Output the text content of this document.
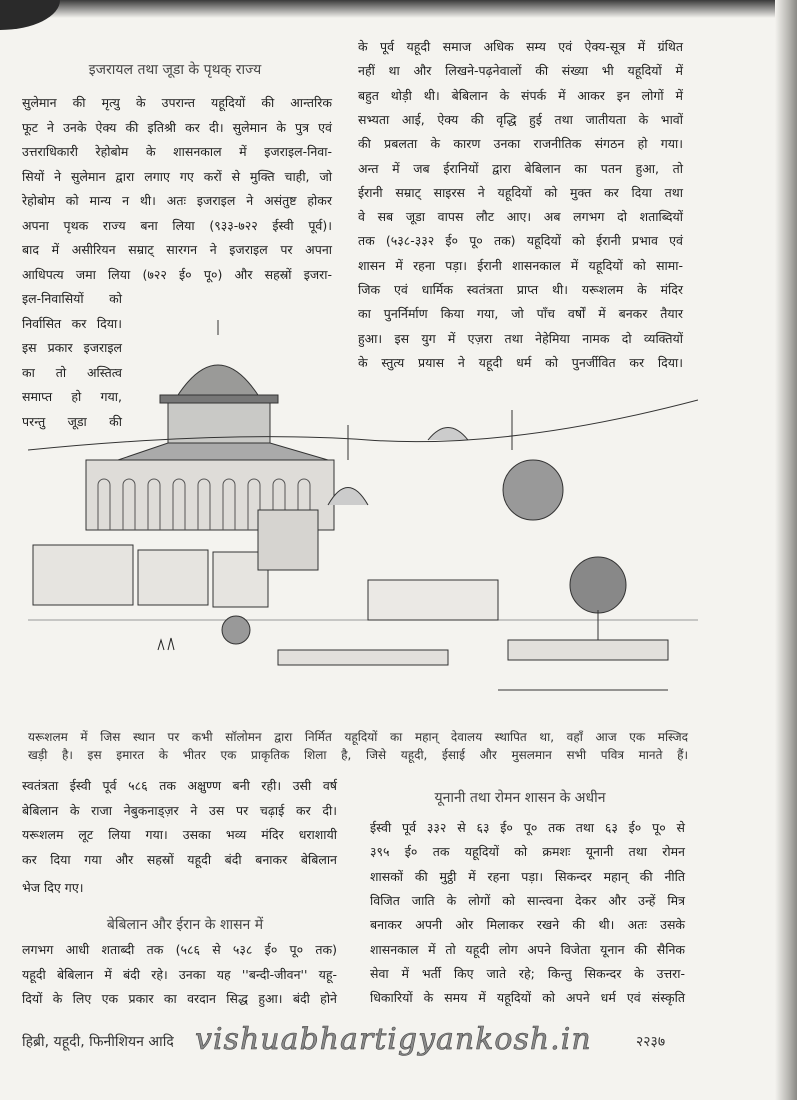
इजरायल तथा जूडा के पृथक् राज्य
सुलेमान की मृत्यु के उपरान्त यहूदियों की आन्तरिक
फूट ने उनके ऐक्य की इतिश्री कर दी। सुलेमान के पुत्र एवं
उत्तराधिकारी रेहोबोम के शासनकाल में इजराइल-निवा-
सियों ने सुलेमान द्वारा लगाए गए करों से मुक्ति चाही, जो
रेहोबोम को मान्य न थी। अतः इजराइल ने असंतुष्ट होकर
अपना पृथक राज्य बना लिया (९३३-७२२ ईस्वी पूर्व)।
बाद में असीरियन सम्राट् सारगन ने इजराइल पर अपना
आधिपत्य जमा लिया (७२२ ई० पू०) और सहस्रों इजरा-
इल-निवासियों को
निर्वासित कर दिया।
इस प्रकार इजराइल
का तो अस्तित्व
समाप्त हो गया,
परन्तु जूडा की
के पूर्व यहूदी समाज अधिक सम्य एवं ऐक्य-सूत्र में ग्रंथित
नहीं था और लिखने-पढ़नेवालों की संख्या भी यहूदियों में
बहुत थोड़ी थी। बेबिलान के संपर्क में आकर इन लोगों में
सभ्यता आई, ऐक्य की वृद्धि हुई तथा जातीयता के भावों
की प्रबलता के कारण उनका राजनीतिक संगठन हो गया।
अन्त में जब ईरानियों द्वारा बेबिलान का पतन हुआ, तो
ईरानी सम्राट् साइरस ने यहूदियों को मुक्त कर दिया तथा
वे सब जूडा वापस लौट आए। अब लगभग दो शताब्दियों
तक (५३८-३३२ ई० पू० तक) यहूदियों को ईरानी प्रभाव एवं
शासन में रहना पड़ा। ईरानी शासनकाल में यहूदियों को सामा-
जिक एवं धार्मिक स्वतंत्रता प्राप्त थी। यरूशलम के मंदिर
का पुनर्निर्माण किया गया, जो पाँच वर्षों में बनकर तैयार
हुआ। इस युग में एज़रा तथा नेहेमिया नामक दो व्यक्तियों
के स्तुत्य प्रयास ने यहूदी धर्म को पुनर्जीवित कर दिया।
यरूशलम में जिस स्थान पर कभी सॉलोमन द्वारा निर्मित यहूदियों का महान् देवालय स्थापित था, वहाँ आज एक मस्जिद
खड़ी है। इस इमारत के भीतर एक प्राकृतिक शिला है, जिसे यहूदी, ईसाई और मुसलमान सभी पवित्र मानते हैं।
स्वतंत्रता ईस्वी पूर्व ५८६ तक अक्षुण्ण बनी रही। उसी वर्ष
बेबिलान के राजा नेबुकनाड्ज़र ने उस पर चढ़ाई कर दी।
यरूशलम लूट लिया गया। उसका भव्य मंदिर धराशायी
कर दिया गया और सहस्रों यहूदी बंदी बनाकर बेबिलान
भेज दिए गए।
बेबिलान और ईरान के शासन में
लगभग आधी शताब्दी तक (५८६ से ५३८ ई० पू० तक)
यहूदी बेबिलान में बंदी रहे। उनका यह ''बन्दी-जीवन'' यहू-
दियों के लिए एक प्रकार का वरदान सिद्ध हुआ। बंदी होने
यूनानी तथा रोमन शासन के अधीन
ईस्वी पूर्व ३३२ से ६३ ई० पू० तक तथा ६३ ई० पू० से
३९५ ई० तक यहूदियों को क्रमशः यूनानी तथा रोमन
शासकों की मुट्ठी में रहना पड़ा। सिकन्दर महान् की नीति
विजित जाति के लोगों को सान्त्वना देकर और उन्हें मित्र
बनाकर अपनी ओर मिलाकर रखने की थी। अतः उसके
शासनकाल में तो यहूदी लोग अपने विजेता यूनान की सैनिक
सेवा में भर्ती किए जाते रहे; किन्तु सिकन्दर के उत्तरा-
धिकारियों के समय में यहूदियों को अपने धर्म एवं संस्कृति
हिब्री, यहूदी, फिनीशियन आदि vishuabhartigyankosh.in	२२३७
